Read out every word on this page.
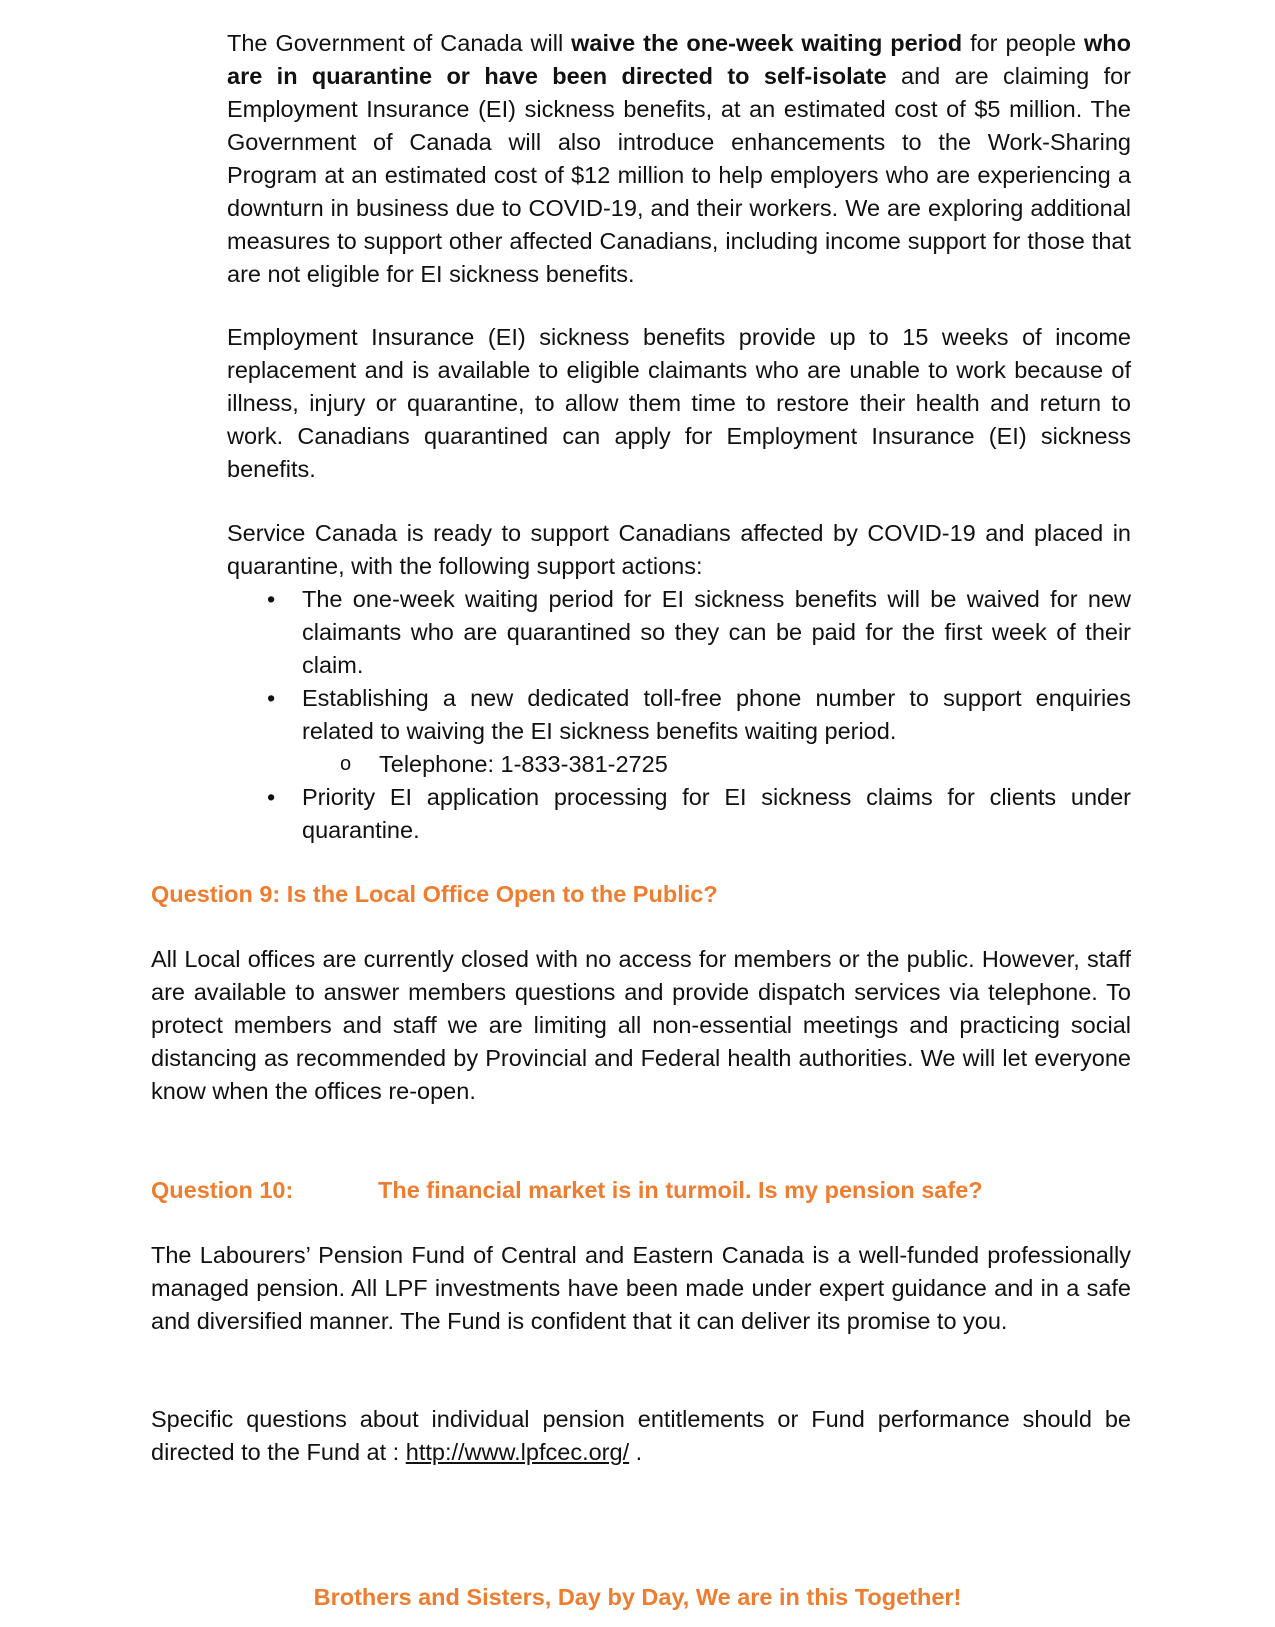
The Government of Canada will waive the one-week waiting period for people who are in quarantine or have been directed to self-isolate and are claiming for Employment Insurance (EI) sickness benefits, at an estimated cost of $5 million. The Government of Canada will also introduce enhancements to the Work-Sharing Program at an estimated cost of $12 million to help employers who are experiencing a downturn in business due to COVID-19, and their workers. We are exploring additional measures to support other affected Canadians, including income support for those that are not eligible for EI sickness benefits.

Employment Insurance (EI) sickness benefits provide up to 15 weeks of income replacement and is available to eligible claimants who are unable to work because of illness, injury or quarantine, to allow them time to restore their health and return to work. Canadians quarantined can apply for Employment Insurance (EI) sickness benefits.

Service Canada is ready to support Canadians affected by COVID-19 and placed in quarantine, with the following support actions:

• The one-week waiting period for EI sickness benefits will be waived for new claimants who are quarantined so they can be paid for the first week of their claim.
• Establishing a new dedicated toll-free phone number to support enquiries related to waiving the EI sickness benefits waiting period.
o Telephone: 1-833-381-2725
• Priority EI application processing for EI sickness claims for clients under quarantine.
Question 9: Is the Local Office Open to the Public?

All Local offices are currently closed with no access for members or the public. However, staff are available to answer members questions and provide dispatch services via telephone. To protect members and staff we are limiting all non-essential meetings and practicing social distancing as recommended by Provincial and Federal health authorities. We will let everyone know when the offices re-open.

Question 10:	The financial market is in turmoil. Is my pension safe?

The Labourers’ Pension Fund of Central and Eastern Canada is a well-funded professionally managed pension. All LPF investments have been made under expert guidance and in a safe and diversified manner. The Fund is confident that it can deliver its promise to you.

Specific questions about individual pension entitlements or Fund performance should be directed to the Fund at : http://www.lpfcec.org/ .

Brothers and Sisters, Day by Day, We are in this Together!
